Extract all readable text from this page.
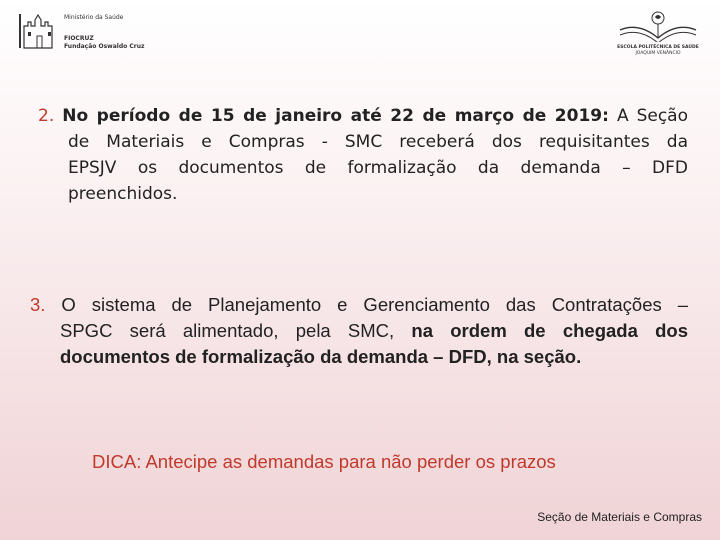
Ministério da Saúde
FIOCRUZ
Fundação Oswaldo Cruz	ESCOLA POLITÉCNICA DE SAÚDE
JOAQUIM VENÂNCIO
2. No período de 15 de janeiro até 22 de março de 2019: A Seção
de Materiais e Compras - SMC receberá dos requisitantes da
EPSJV os documentos de formalização da demanda – DFD
preenchidos.
3. O sistema de Planejamento e Gerenciamento das Contratações –
SPGC será alimentado, pela SMC, na ordem de chegada dos
documentos de formalização da demanda – DFD, na seção.
DICA: Antecipe as demandas para não perder os prazos
Seção de Materiais e Compras
